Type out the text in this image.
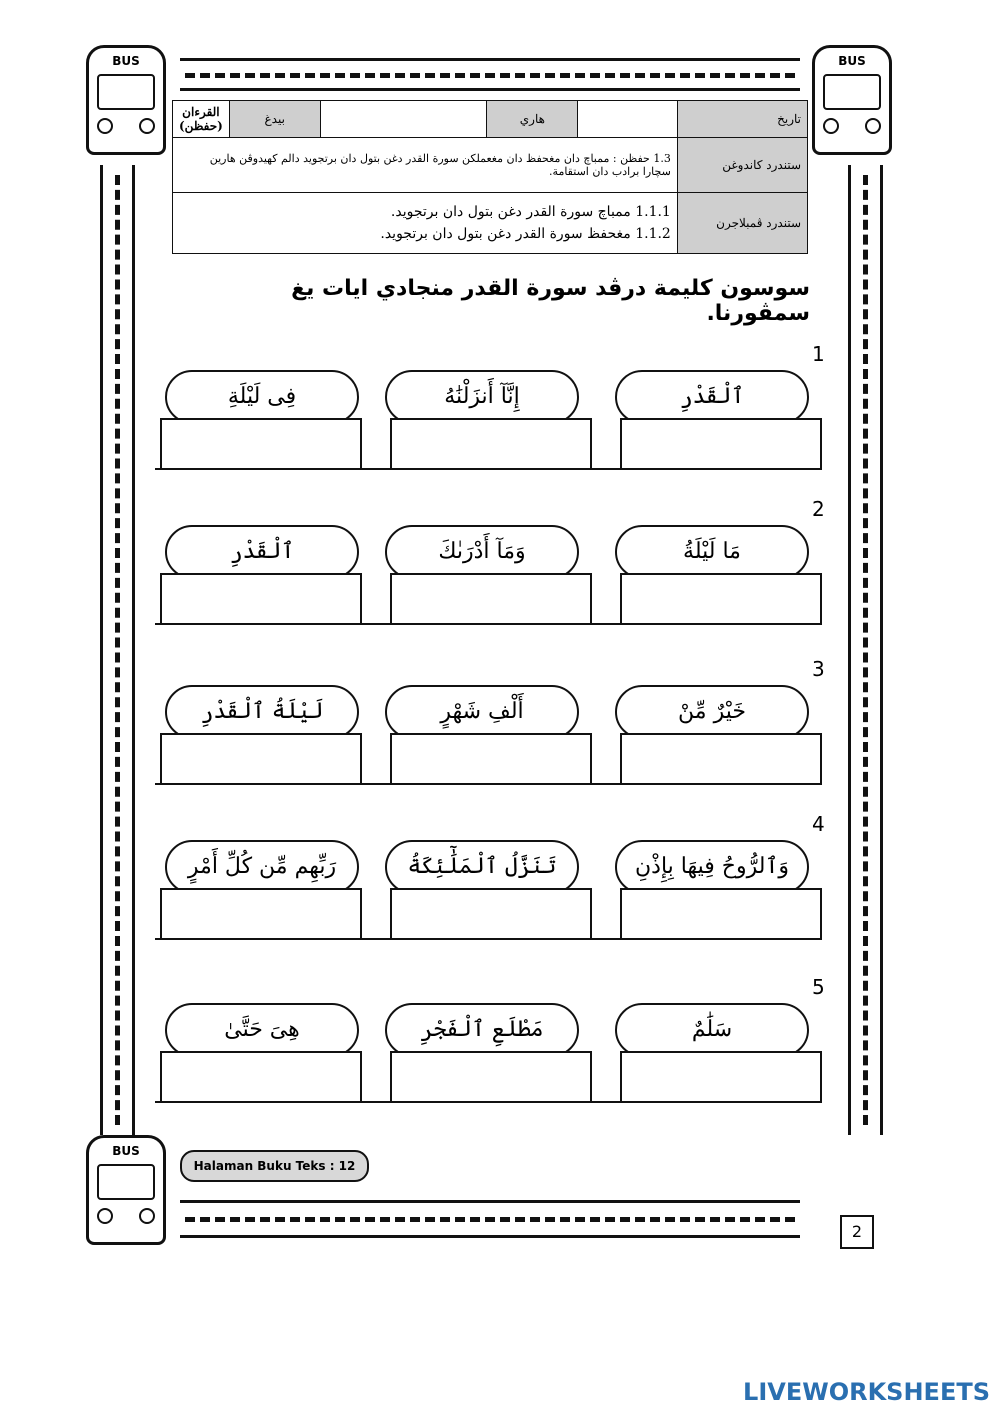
BUS	BUS
BUS
تاريخ		هاري		بيدغ	القرءان (حفظن)
ستندرد كاندوغن	1.3 حفظن : ممباچ دان مغحفظ دان مغعملكن سورة القدر دغن بتول دان برتجويد دالم كهيدوڤن هارين سچارا برادب دان استقامة.				
ستندرد ڤمبلاجرن	1.1.1 ممباچ سورة القدر دغن بتول دان برتجويد.
1.1.2 مغحفظ سورة القدر دغن بتول دان برتجويد.				
سوسون كليمة درڤد سورة القدر منجادي ايات يغ سمڤورنا.
1
ٱلْقَدْرِ
إِنَّآ أَنزَلْنَٰهُ
فِى لَيْلَةِ
2
مَا لَيْلَةُ
وَمَآ أَدْرَىٰكَ
ٱلْقَدْرِ
3
خَيْرٌ مِّنْ
أَلْفِ شَهْرٍ
لَيْلَةُ ٱلْقَدْرِ
4
وَٱلرُّوحُ فِيهَا بِإِذْنِ
تَنَزَّلُ ٱلْمَلَٰٓئِكَةُ
رَبِّهِم مِّن كُلِّ أَمْرٍ
5
سَلَٰمٌ
مَطْلَعِ ٱلْفَجْرِ
هِىَ حَتَّىٰ
Halaman Buku Teks : 12
2
LIVEWORKSHEETS
